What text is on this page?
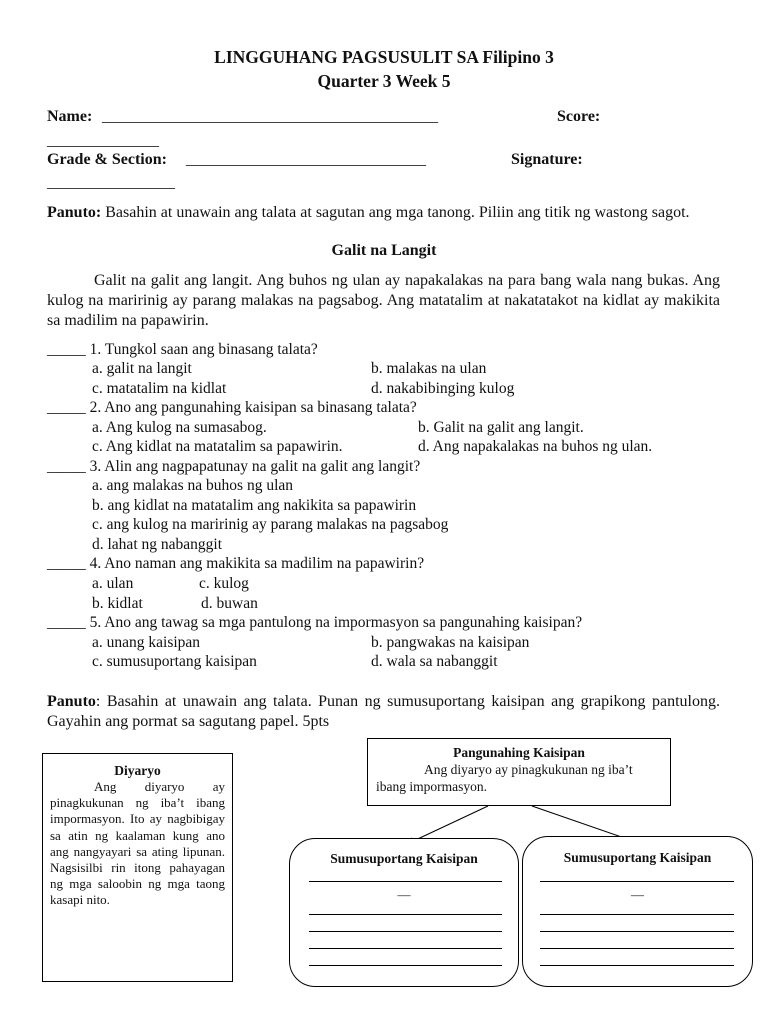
LINGGUHANG PAGSUSULIT SA Filipino 3
Quarter 3 Week 5
Name: __________________________________________	Score:
______________
Grade & Section: ______________________________	Signature:
________________
Panuto: Basahin at unawain ang talata at sagutan ang mga tanong. Piliin ang titik ng wastong sagot.
Galit na Langit
Galit na galit ang langit. Ang buhos ng ulan ay napakalakas na para bang wala nang bukas. Ang kulog na maririnig ay parang malakas na pagsabog. Ang matatalim at nakatatakot na kidlat ay makikita sa madilim na papawirin.
_____ 1. Tungkol saan ang binasang talata?
a. galit na langit	b. malakas na ulan
c. matatalim na kidlat	d. nakabibinging kulog
_____ 2. Ano ang pangunahing kaisipan sa binasang talata?
a. Ang kulog na sumasabog.	b. Galit na galit ang langit.
c. Ang kidlat na matatalim sa papawirin.	d. Ang napakalakas na buhos ng ulan.
_____ 3. Alin ang nagpapatunay na galit na galit ang langit?
a. ang malakas na buhos ng ulan
b. ang kidlat na matatalim ang nakikita sa papawirin
c. ang kulog na maririnig ay parang malakas na pagsabog
d. lahat ng nabanggit
_____ 4. Ano naman ang makikita sa madilim na papawirin?
a. ulan	c. kulog
b. kidlat	d. buwan
_____ 5. Ano ang tawag sa mga pantulong na impormasyon sa pangunahing kaisipan?
a. unang kaisipan	b. pangwakas na kaisipan
c. sumusuportang kaisipan	d. wala sa nabanggit
Panuto: Basahin at unawain ang talata. Punan ng sumusuportang kaisipan ang grapikong pantulong. Gayahin ang pormat sa sagutang papel. 5pts
Diyaryo
Ang diyaryo ay pinagkukunan ng iba’t ibang impormasyon. Ito ay nagbibigay sa atin ng kaalaman kung ano ang nangyayari sa ating lipunan. Nagsisilbi rin itong pahayagan ng mga saloobin ng mga taong kasapi nito.
Pangunahing Kaisipan
Ang diyaryo ay pinagkukunan ng iba’t ibang impormasyon.
Sumusuportang Kaisipan
—
Sumusuportang Kaisipan
—
